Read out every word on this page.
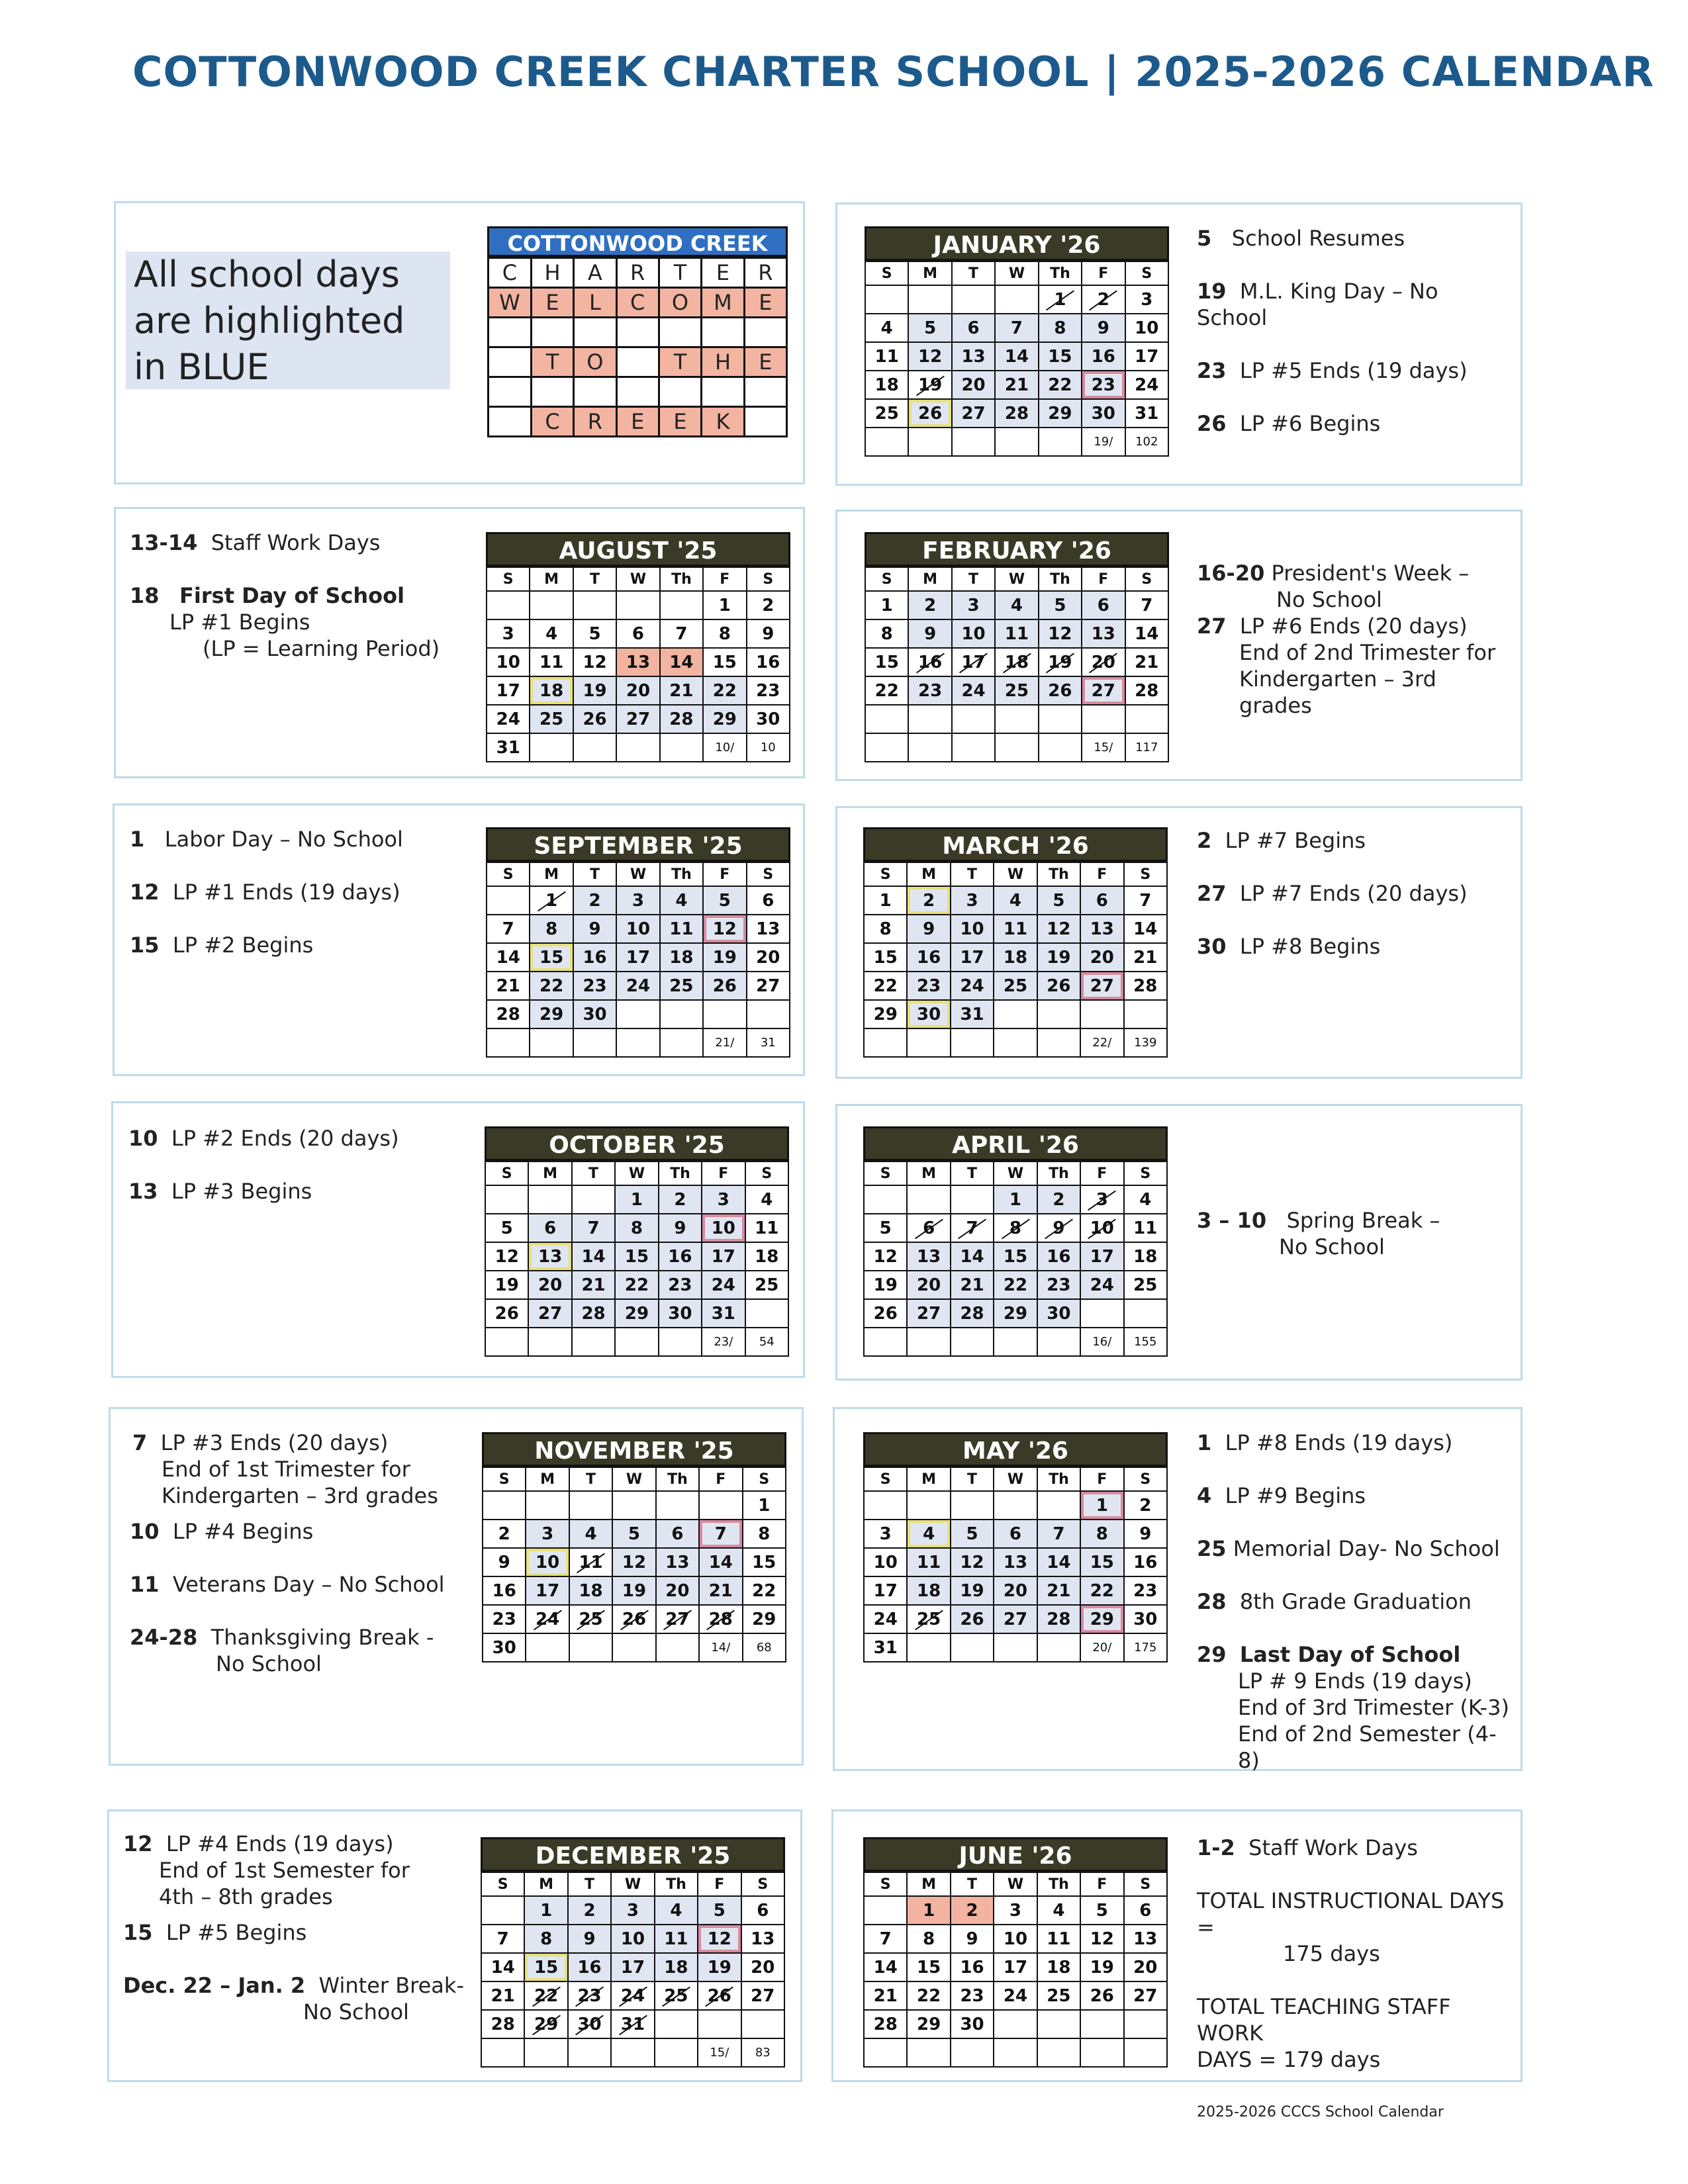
COTTONWOOD CREEK CHARTER SCHOOL | 2025-2026 CALENDAR
All school days
are highlighted
in BLUE
COTTONWOOD CREEK
C	H	A	R	T	E	R
W	E	L	C	O	M	E

	T	O		T	H	E

	C	R	E	E	K	
AUGUST '25
S	M	T	W	Th	F	S
					1	2
3	4	5	6	7	8	9
10	11	12	13	14	15	16
17	18	19	20	21	22	23
24	25	26	27	28	29	30
31					10/	10
SEPTEMBER '25
S	M	T	W	Th	F	S
	1	2	3	4	5	6
7	8	9	10	11	12	13
14	15	16	17	18	19	20
21	22	23	24	25	26	27
28	29	30				
					21/	31
OCTOBER '25
S	M	T	W	Th	F	S
			1	2	3	4
5	6	7	8	9	10	11
12	13	14	15	16	17	18
19	20	21	22	23	24	25
26	27	28	29	30	31	
					23/	54
NOVEMBER '25
S	M	T	W	Th	F	S
						1
2	3	4	5	6	7	8
9	10	11	12	13	14	15
16	17	18	19	20	21	22
23	24	25	26	27	28	29
30					14/	68
DECEMBER '25
S	M	T	W	Th	F	S
	1	2	3	4	5	6
7	8	9	10	11	12	13
14	15	16	17	18	19	20
21	22	23	24	25	26	27
28	29	30	31			
					15/	83
JANUARY '26
S	M	T	W	Th	F	S
				1	2	3
4	5	6	7	8	9	10
11	12	13	14	15	16	17
18	19	20	21	22	23	24
25	26	27	28	29	30	31
					19/	102
FEBRUARY '26
S	M	T	W	Th	F	S
1	2	3	4	5	6	7
8	9	10	11	12	13	14
15	16	17	18	19	20	21
22	23	24	25	26	27	28

					15/	117
MARCH '26
S	M	T	W	Th	F	S
1	2	3	4	5	6	7
8	9	10	11	12	13	14
15	16	17	18	19	20	21
22	23	24	25	26	27	28
29	30	31				
					22/	139
APRIL '26
S	M	T	W	Th	F	S
			1	2	3	4
5	6	7	8	9	10	11
12	13	14	15	16	17	18
19	20	21	22	23	24	25
26	27	28	29	30		
					16/	155
MAY '26
S	M	T	W	Th	F	S
					1	2
3	4	5	6	7	8	9
10	11	12	13	14	15	16
17	18	19	20	21	22	23
24	25	26	27	28	29	30
31					20/	175
JUNE '26
S	M	T	W	Th	F	S
	1	2	3	4	5	6
7	8	9	10	11	12	13
14	15	16	17	18	19	20
21	22	23	24	25	26	27
28	29	30				

13-14 Staff Work Days
18 First Day of School
LP #1 Begins
(LP = Learning Period)
1 Labor Day – No School
12 LP #1 Ends (19 days)
15 LP #2 Begins
10 LP #2 Ends (20 days)
13 LP #3 Begins
7 LP #3 Ends (20 days)
End of 1st Trimester for
Kindergarten – 3rd grades
10 LP #4 Begins
11 Veterans Day – No School
24-28 Thanksgiving Break -
No School
12 LP #4 Ends (19 days)
End of 1st Semester for
4th – 8th grades
15 LP #5 Begins
Dec. 22 – Jan. 2 Winter Break-
No School
5 School Resumes
19 M.L. King Day – No School
23 LP #5 Ends (19 days)
26 LP #6 Begins
16-20 President's Week –
No School
27 LP #6 Ends (20 days)
End of 2nd Trimester for
Kindergarten – 3rd grades
2 LP #7 Begins
27 LP #7 Ends (20 days)
30 LP #8 Begins
3 – 10 Spring Break –
No School
1 LP #8 Ends (19 days)
4 LP #9 Begins
25 Memorial Day- No School
28 8th Grade Graduation
29 Last Day of School
LP # 9 Ends (19 days)
End of 3rd Trimester (K-3)
End of 2nd Semester (4-8)
1-2 Staff Work Days
TOTAL INSTRUCTIONAL DAYS =
175 days
TOTAL TEACHING STAFF WORK
DAYS = 179 days
2025-2026 CCCS School Calendar
